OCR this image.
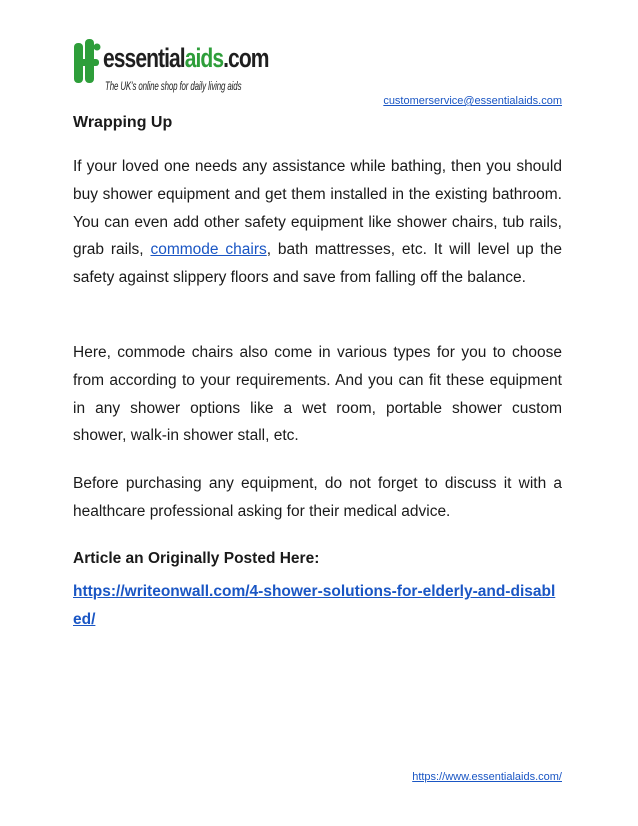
essentialaids.com
The UK's online shop for daily living aids
customerservice@essentialaids.com
Wrapping Up

If your loved one needs any assistance while bathing, then you should buy shower equipment and get them installed in the existing bathroom. You can even add other safety equipment like shower chairs, tub rails, grab rails, commode chairs, bath mattresses, etc. It will level up the safety against slippery floors and save from falling off the balance.

Here, commode chairs also come in various types for you to choose from according to your requirements. And you can fit these equipment in any shower options like a wet room, portable shower custom shower, walk-in shower stall, etc.

Before purchasing any equipment, do not forget to discuss it with a healthcare professional asking for their medical advice.

Article an Originally Posted Here:
https://writeonwall.com/4-shower-solutions-for-elderly-and-disabled/
https://www.essentialaids.com/
